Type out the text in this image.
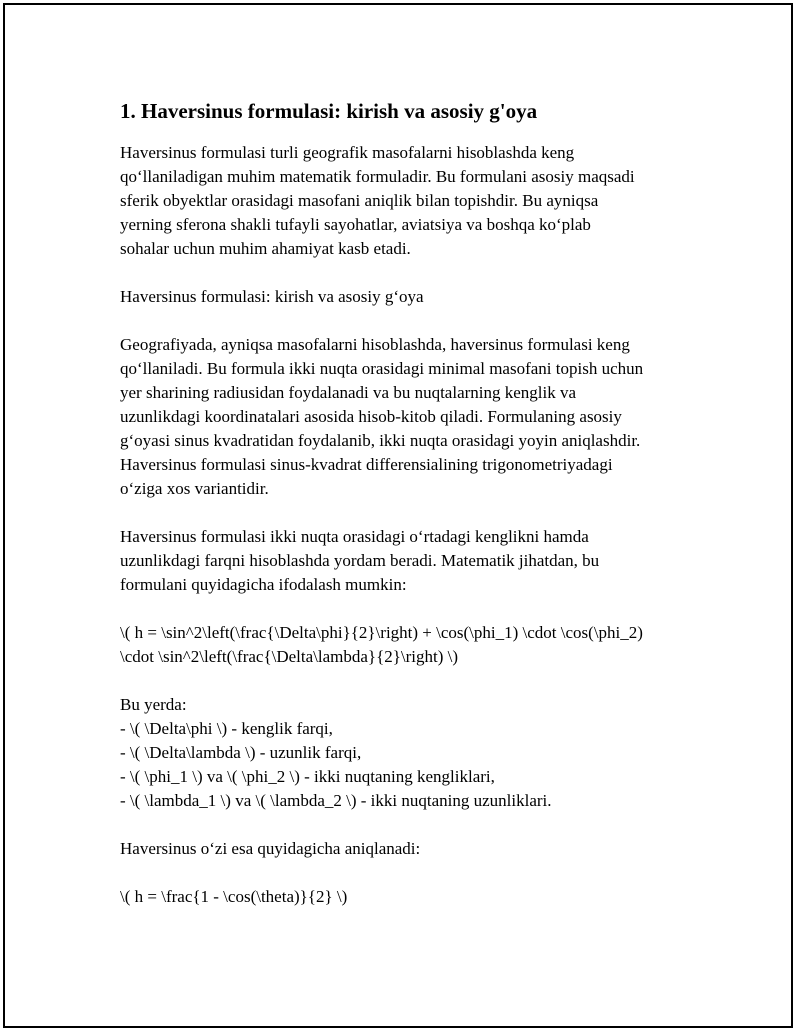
1. Haversinus formulasi: kirish va asosiy g'oya

Haversinus formulasi turli geografik masofalarni hisoblashda keng
qo‘llaniladigan muhim matematik formuladir. Bu formulani asosiy maqsadi
sferik obyektlar orasidagi masofani aniqlik bilan topishdir. Bu ayniqsa
yerning sferona shakli tufayli sayohatlar, aviatsiya va boshqa ko‘plab
sohalar uchun muhim ahamiyat kasb etadi.

Haversinus formulasi: kirish va asosiy g‘oya

Geografiyada, ayniqsa masofalarni hisoblashda, haversinus formulasi keng
qo‘llaniladi. Bu formula ikki nuqta orasidagi minimal masofani topish uchun
yer sharining radiusidan foydalanadi va bu nuqtalarning kenglik va
uzunlikdagi koordinatalari asosida hisob-kitob qiladi. Formulaning asosiy
g‘oyasi sinus kvadratidan foydalanib, ikki nuqta orasidagi yoyin aniqlashdir.
Haversinus formulasi sinus-kvadrat differensialining trigonometriyadagi
o‘ziga xos variantidir.

Haversinus formulasi ikki nuqta orasidagi o‘rtadagi kenglikni hamda
uzunlikdagi farqni hisoblashda yordam beradi. Matematik jihatdan, bu
formulani quyidagicha ifodalash mumkin:

\( h = \sin^2\left(\frac{\Delta\phi}{2}\right) + \cos(\phi_1) \cdot \cos(\phi_2)
\cdot \sin^2\left(\frac{\Delta\lambda}{2}\right) \)

Bu yerda:
- \( \Delta\phi \) - kenglik farqi,
- \( \Delta\lambda \) - uzunlik farqi,
- \( \phi_1 \) va \( \phi_2 \) - ikki nuqtaning kengliklari,
- \( \lambda_1 \) va \( \lambda_2 \) - ikki nuqtaning uzunliklari.

Haversinus o‘zi esa quyidagicha aniqlanadi:

\( h = \frac{1 - \cos(\theta)}{2} \)
